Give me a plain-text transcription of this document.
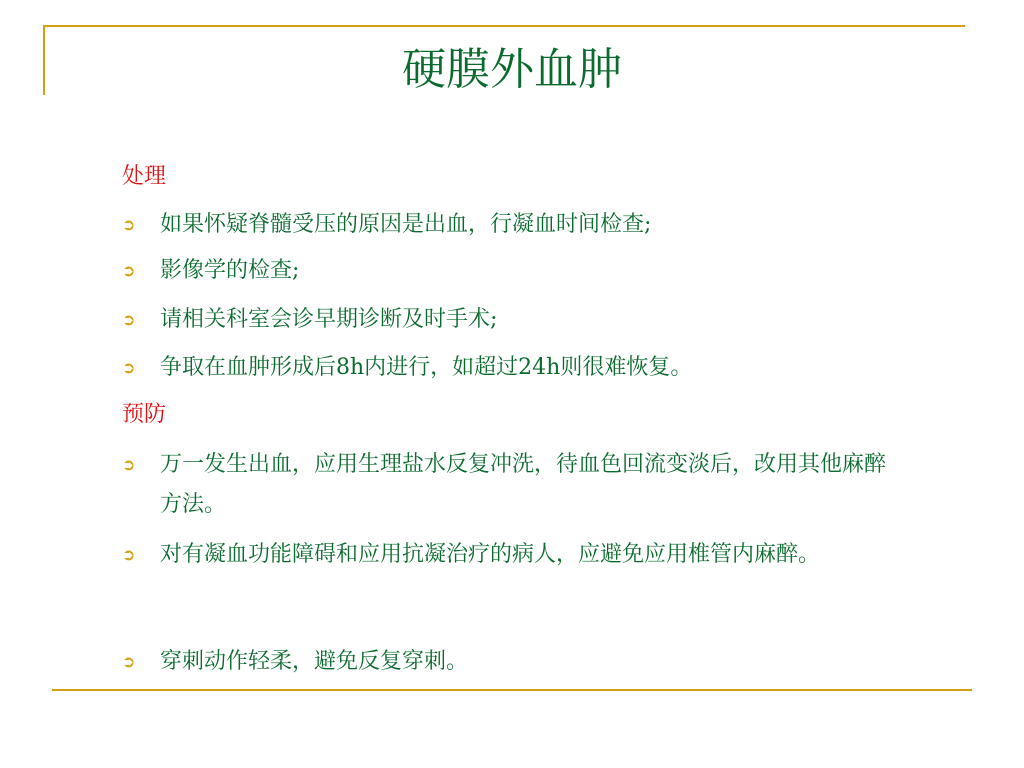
硬膜外血肿
处理
➲	如果怀疑脊髓受压的原因是出血，行凝血时间检查;
➲	影像学的检查;
➲	请相关科室会诊早期诊断及时手术;
➲	争取在血肿形成后8h内进行，如超过24h则很难恢复。
预防
➲	万一发生出血，应用生理盐水反复冲洗，待血色回流变淡后，改用其他麻醉方法。
➲	对有凝血功能障碍和应用抗凝治疗的病人，应避免应用椎管内麻醉。
➲	穿刺动作轻柔，避免反复穿刺。
